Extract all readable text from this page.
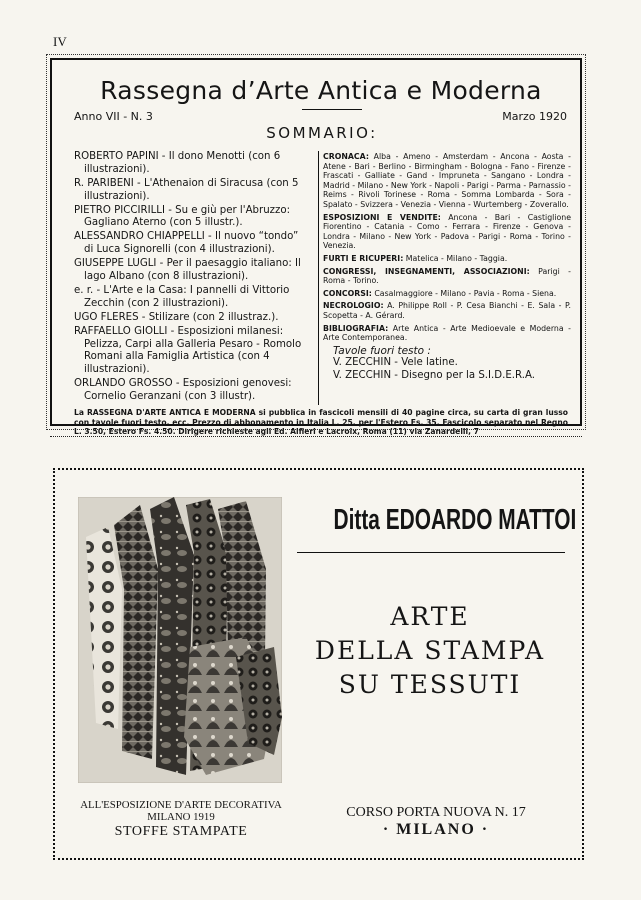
IV
Rassegna d’Arte Antica e Moderna
Anno VII - N. 3	Marzo 1920
SOMMARIO:
ROBERTO PAPINI - Il dono Menotti (con 6 illustrazioni).
R. PARIBENI - L'Athenaion di Siracusa (con 5 illustrazioni).
PIETRO PICCIRILLI - Su e giù per l'Abruzzo: Gagliano Aterno (con 5 illustr.).
ALESSANDRO CHIAPPELLI - Il nuovo “tondo” di Luca Signorelli (con 4 illustrazioni).
GIUSEPPE LUGLI - Per il paesaggio italiano: Il lago Albano (con 8 illustrazioni).
e. r. - L'Arte e la Casa: I pannelli di Vittorio Zecchin (con 2 illustrazioni).
UGO FLERES - Stilizare (con 2 illustraz.).
RAFFAELLO GIOLLI - Esposizioni milanesi: Pelizza, Carpi alla Galleria Pesaro - Romolo Romani alla Famiglia Artistica (con 4 illustrazioni).
ORLANDO GROSSO - Esposizioni genovesi: Cornelio Geranzani (con 3 illustr).
CRONACA: Alba - Ameno - Amsterdam - Ancona - Aosta - Atene - Bari - Berlino - Birmingham - Bologna - Fano - Firenze - Frascati - Galliate - Gand - Impruneta - Sangano - Londra - Madrid - Milano - New York - Napoli - Parigi - Parma - Parnassio - Reims - Rivoli Torinese - Roma - Somma Lombarda - Sora - Spalato - Svizzera - Venezia - Vienna - Wurtemberg - Zoverallo.
ESPOSIZIONI E VENDITE: Ancona - Bari - Castiglione Fiorentino - Catania - Como - Ferrara - Firenze - Genova - Londra - Milano - New York - Padova - Parigi - Roma - Torino - Venezia.
FURTI E RICUPERI: Matelica - Milano - Taggia.
CONGRESSI, INSEGNAMENTI, ASSOCIAZIONI: Parigi - Roma - Torino.
CONCORSI: Casalmaggiore - Milano - Pavia - Roma - Siena.
NECROLOGIO: A. Philippe Roll - P. Cesa Bianchi - E. Sala - P. Scopetta - A. Gérard.
BIBLIOGRAFIA: Arte Antica - Arte Medioevale e Moderna - Arte Contemporanea.
Tavole fuori testo :
V. ZECCHIN - Vele latine.
V. ZECCHIN - Disegno per la S.I.D.E.R.A.
La RASSEGNA D'ARTE ANTICA E MODERNA si pubblica in fascicoli mensili di 40 pagine circa, su carta di gran lusso con tavole fuori testo, ecc. Prezzo di abbonamento in Italia L. 25, per l'Estero Fs. 35. Fascicolo separato nel Regno L. 3.50, Estero Fs. 4.50. Dirigere richieste agli Ed. Alfieri e Lacroix, Roma (11) via Zanardelli, 7
Ditta EDOARDO MATTOI
ARTE
DELLA STAMPA
SU TESSUTI
ALL'ESPOSIZIONE D'ARTE DECORATIVA
MILANO 1919
STOFFE STAMPATE
CORSO PORTA NUOVA N. 17
· MILANO ·
